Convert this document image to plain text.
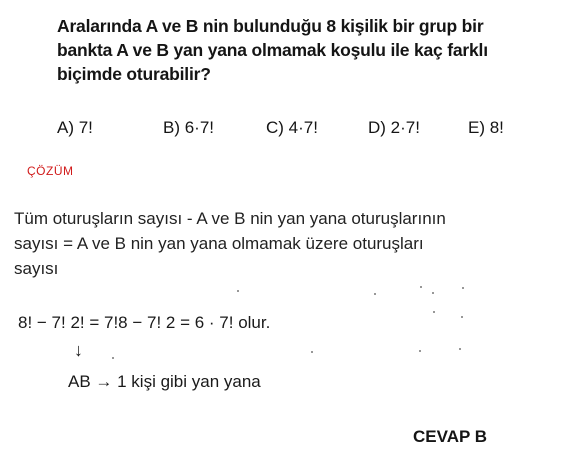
Aralarında A ve B nin bulunduğu 8 kişilik bir grup bir
bankta A ve B yan yana olmamak koşulu ile kaç farklı
biçimde oturabilir?
A) 7!	B) 6·7!	C) 4·7!	D) 2·7!	E) 8!
ÇÖZÜM
Tüm oturuşların sayısı - A ve B nin yan yana oturuşlarının
sayısı = A ve B nin yan yana olmamak üzere oturuşları
sayısı
8! − 7! 2! = 7!8 − 7! 2 = 6 · 7! olur.
↓
AB → 1 kişi gibi yan yana
CEVAP B
